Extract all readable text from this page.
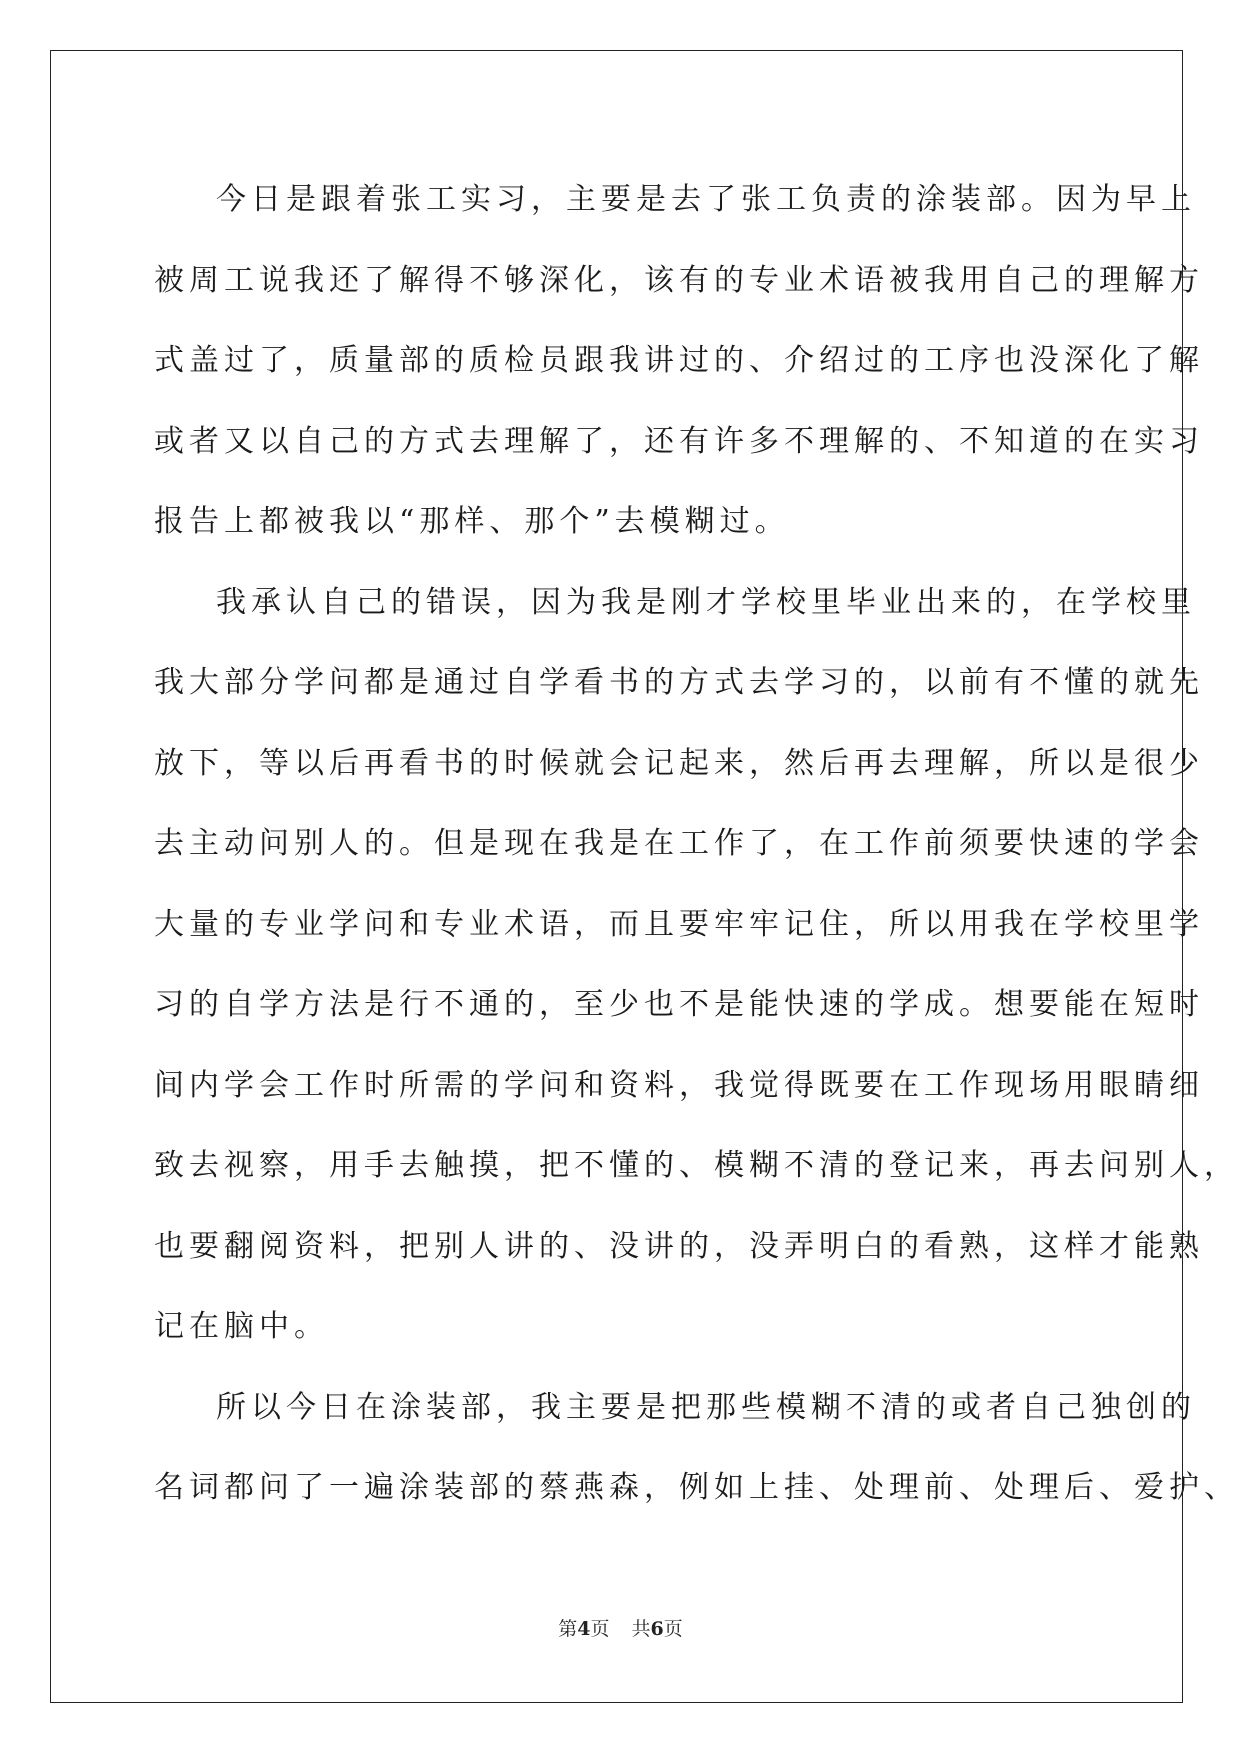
今日是跟着张工实习，主要是去了张工负责的涂装部。因为早上
被周工说我还了解得不够深化，该有的专业术语被我用自己的理解方
式盖过了，质量部的质检员跟我讲过的、介绍过的工序也没深化了解
或者又以自己的方式去理解了，还有许多不理解的、不知道的在实习
报告上都被我以“那样、那个”去模糊过。
我承认自己的错误，因为我是刚才学校里毕业出来的，在学校里
我大部分学问都是通过自学看书的方式去学习的，以前有不懂的就先
放下，等以后再看书的时候就会记起来，然后再去理解，所以是很少
去主动问别人的。但是现在我是在工作了，在工作前须要快速的学会
大量的专业学问和专业术语，而且要牢牢记住，所以用我在学校里学
习的自学方法是行不通的，至少也不是能快速的学成。想要能在短时
间内学会工作时所需的学问和资料，我觉得既要在工作现场用眼睛细
致去视察，用手去触摸，把不懂的、模糊不清的登记来，再去问别人，
也要翻阅资料，把别人讲的、没讲的，没弄明白的看熟，这样才能熟
记在脑中。
所以今日在涂装部，我主要是把那些模糊不清的或者自己独创的
名词都问了一遍涂装部的蔡燕森，例如上挂、处理前、处理后、爱护、
第4页 共6页
